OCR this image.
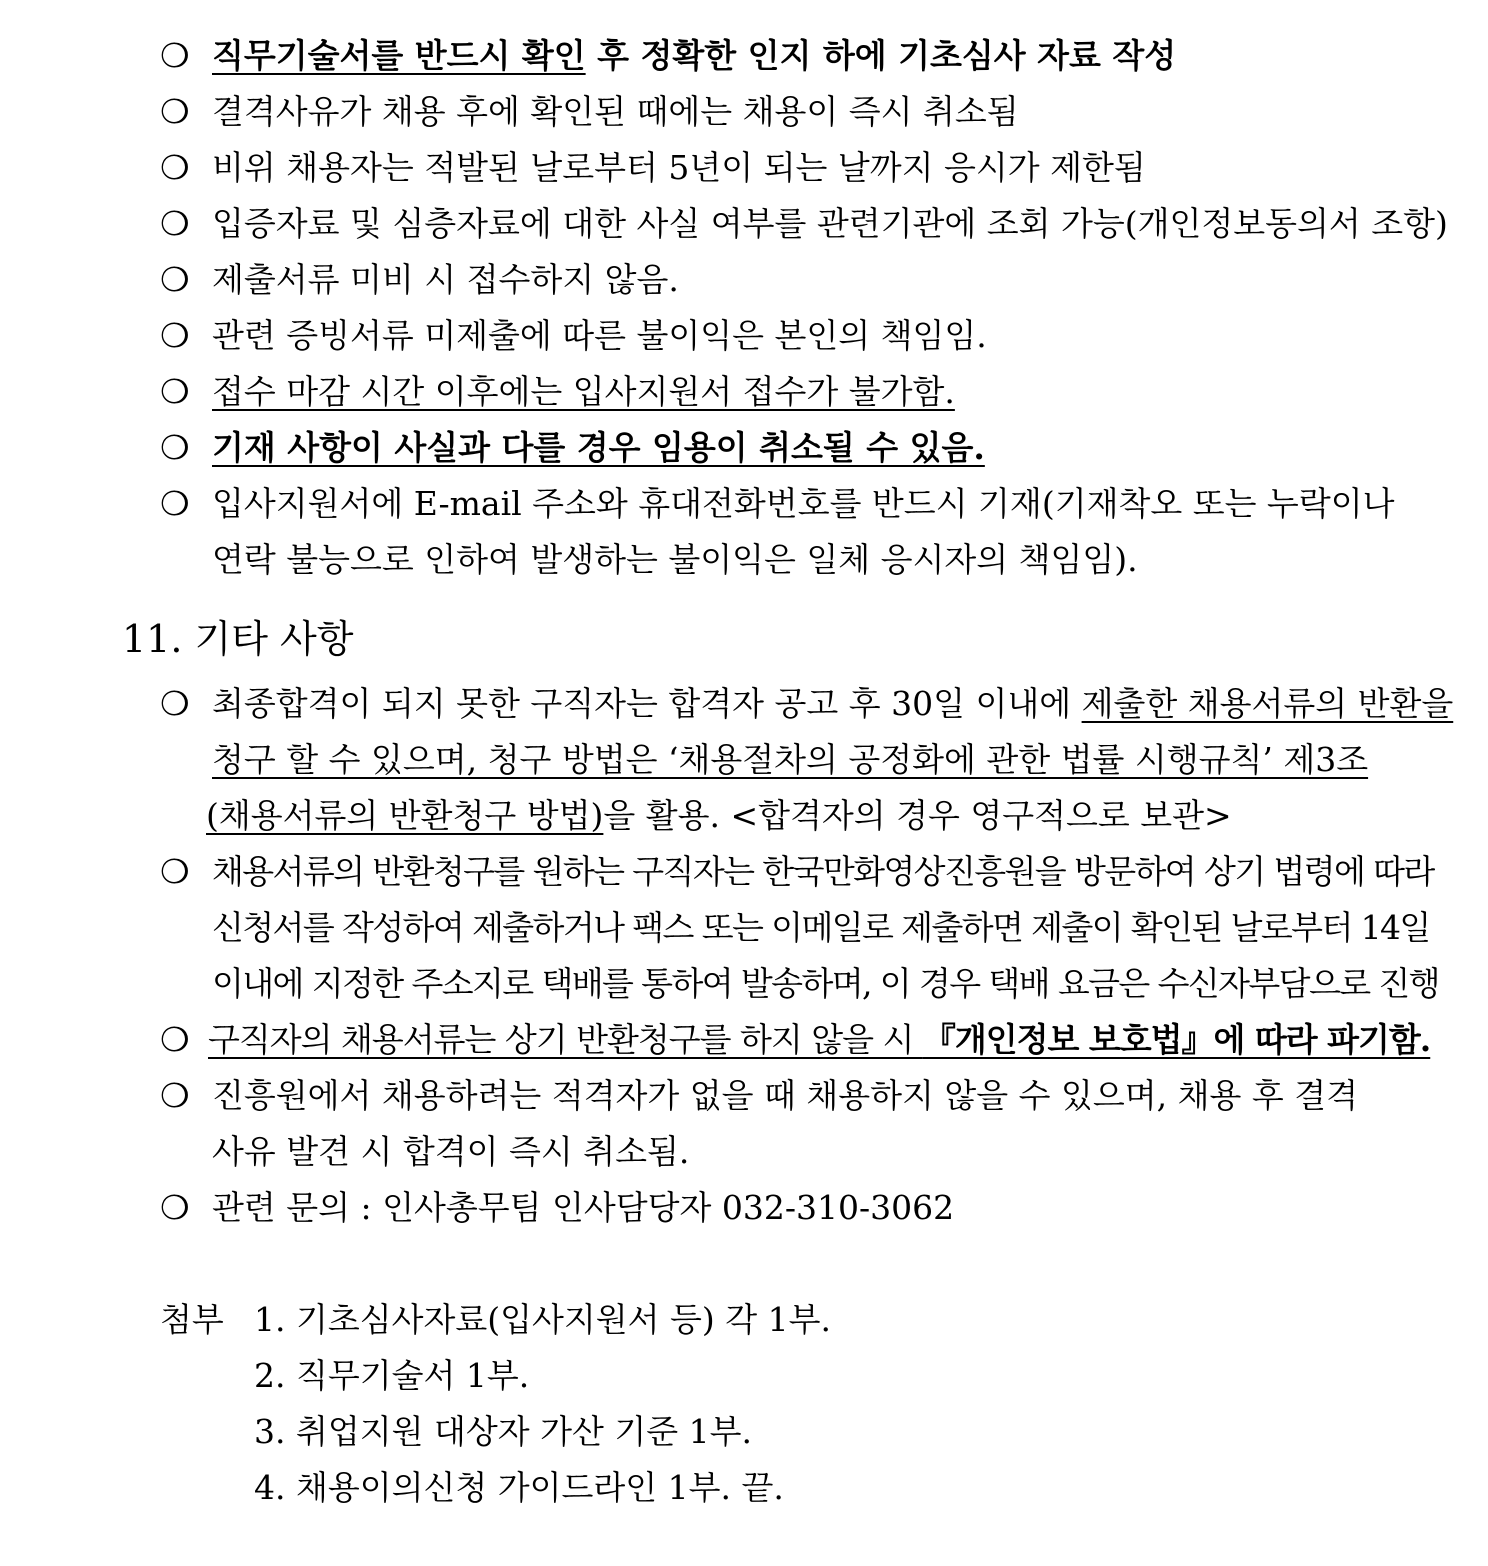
❍ 직무기술서를 반드시 확인 후 정확한 인지 하에 기초심사 자료 작성
❍ 결격사유가 채용 후에 확인된 때에는 채용이 즉시 취소됨
❍ 비위 채용자는 적발된 날로부터 5년이 되는 날까지 응시가 제한됨
❍ 입증자료 및 심층자료에 대한 사실 여부를 관련기관에 조회 가능(개인정보동의서 조항)
❍ 제출서류 미비 시 접수하지 않음.
❍ 관련 증빙서류 미제출에 따른 불이익은 본인의 책임임.
❍ 접수 마감 시간 이후에는 입사지원서 접수가 불가함.
❍ 기재 사항이 사실과 다를 경우 임용이 취소될 수 있음.
❍ 입사지원서에 E-mail 주소와 휴대전화번호를 반드시 기재(기재착오 또는 누락이나
연락 불능으로 인하여 발생하는 불이익은 일체 응시자의 책임임).
11. 기타 사항
❍ 최종합격이 되지 못한 구직자는 합격자 공고 후 30일 이내에 제출한 채용서류의 반환을
청구 할 수 있으며, 청구 방법은 ‘채용절차의 공정화에 관한 법률 시행규칙’ 제3조
(채용서류의 반환청구 방법)을 활용. <합격자의 경우 영구적으로 보관>
❍ 채용서류의 반환청구를 원하는 구직자는 한국만화영상진흥원을 방문하여 상기 법령에 따라
신청서를 작성하여 제출하거나 팩스 또는 이메일로 제출하면 제출이 확인된 날로부터 14일
이내에 지정한 주소지로 택배를 통하여 발송하며, 이 경우 택배 요금은 수신자부담으로 진행
❍ 구직자의 채용서류는 상기 반환청구를 하지 않을 시 『개인정보 보호법』에 따라 파기함.
❍ 진흥원에서 채용하려는 적격자가 없을 때 채용하지 않을 수 있으며, 채용 후 결격
사유 발견 시 합격이 즉시 취소됨.
❍ 관련 문의 : 인사총무팀 인사담당자 032-310-3062
첨부 1. 기초심사자료(입사지원서 등) 각 1부.
2. 직무기술서 1부.
3. 취업지원 대상자 가산 기준 1부.
4. 채용이의신청 가이드라인 1부. 끝.
